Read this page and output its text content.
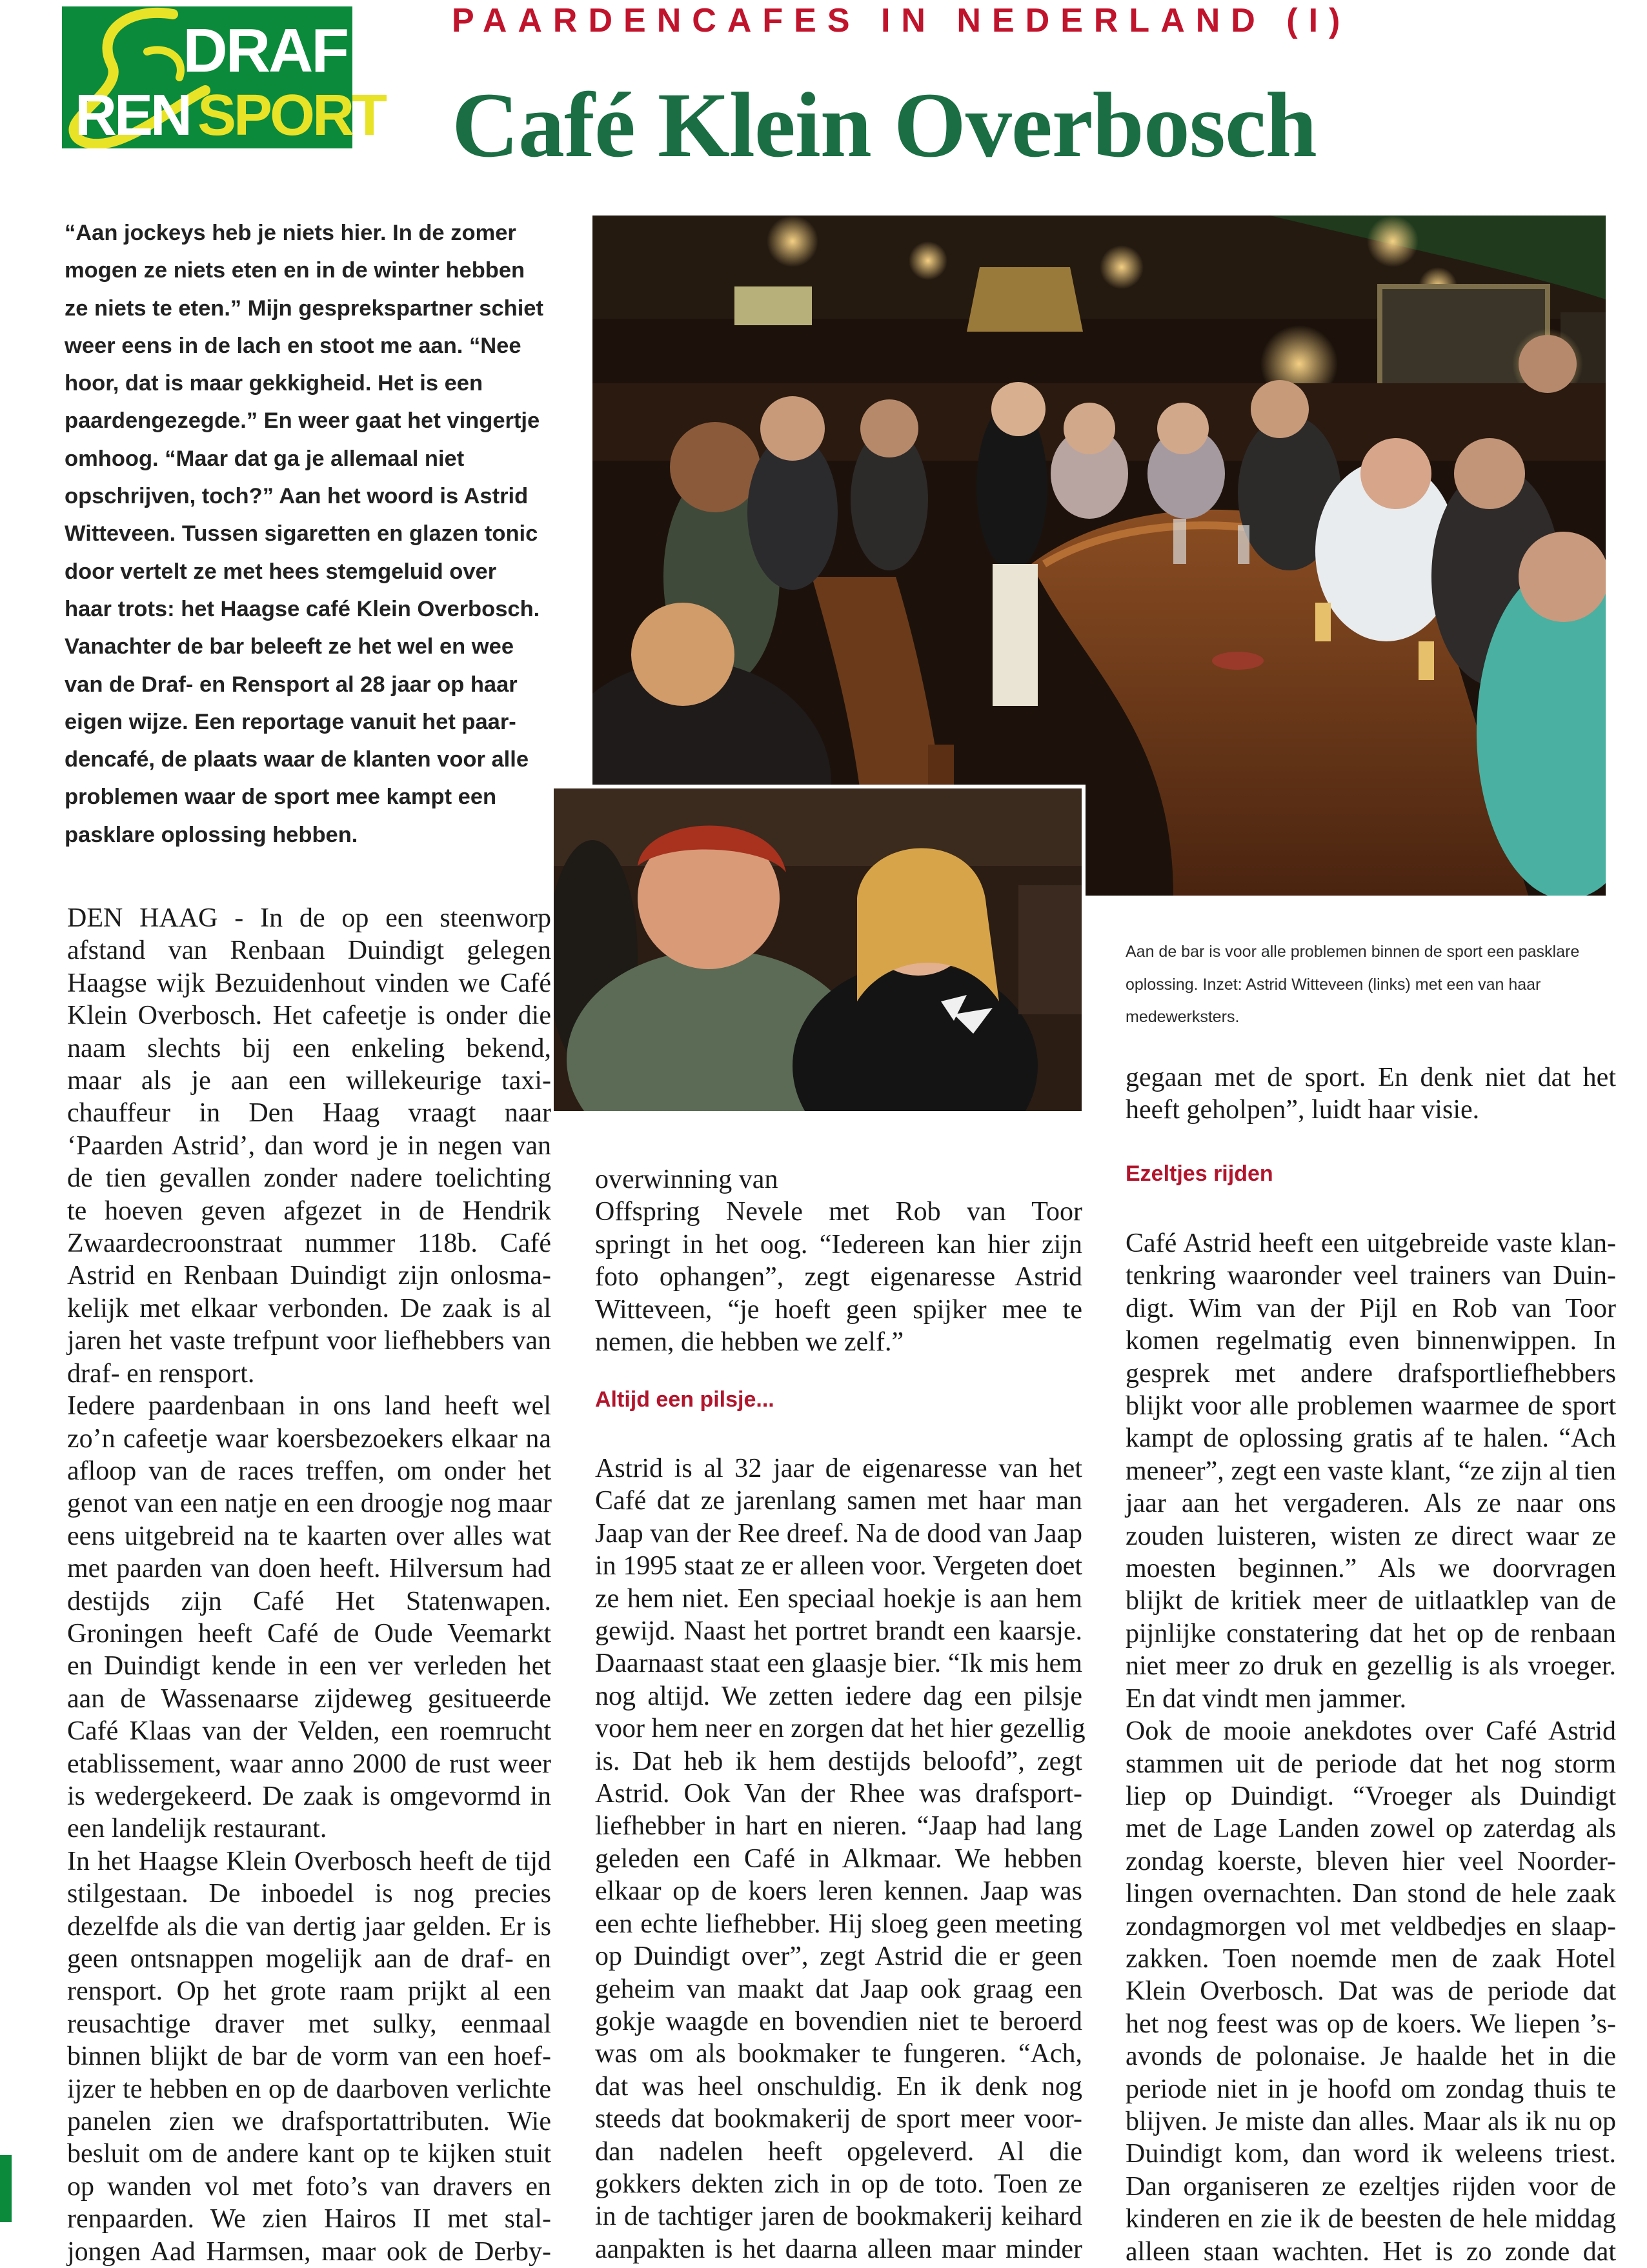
DRAF
REN SPORT
PAARDENCAFES IN NEDERLAND (I)
Café Klein Overbosch
“Aan jockeys heb je niets hier. In de zomer
mogen ze niets eten en in de winter hebben
ze niets te eten.” Mijn gesprekspartner schiet
weer eens in de lach en stoot me aan. “Nee
hoor, dat is maar gekkigheid. Het is een
paardengezegde.” En weer gaat het vingertje
omhoog. “Maar dat ga je allemaal niet
opschrijven, toch?” Aan het woord is Astrid
Witteveen. Tussen sigaretten en glazen tonic
door vertelt ze met hees stemgeluid over
haar trots: het Haagse café Klein Overbosch.
Vanachter de bar beleeft ze het wel en wee
van de Draf- en Rensport al 28 jaar op haar
eigen wijze. Een reportage vanuit het paar-
dencafé, de plaats waar de klanten voor alle
problemen waar de sport mee kampt een
pasklare oplossing hebben.
Aan de bar is voor alle problemen binnen de sport een pasklare
oplossing. Inzet: Astrid Witteveen (links) met een van haar
medewerksters.
DEN HAAG - In de op een steenworp
afstand van Renbaan Duindigt gelegen
Haagse wijk Bezuidenhout vinden we Café
Klein Overbosch. Het cafeetje is onder die
naam slechts bij een enkeling bekend,
maar als je aan een willekeurige taxi-
chauffeur in Den Haag vraagt naar
‘Paarden Astrid’, dan word je in negen van
de tien gevallen zonder nadere toelichting
te hoeven geven afgezet in de Hendrik
Zwaardecroonstraat nummer 118b. Café
Astrid en Renbaan Duindigt zijn onlosma-
kelijk met elkaar verbonden. De zaak is al
jaren het vaste trefpunt voor liefhebbers van
draf- en rensport.
Iedere paardenbaan in ons land heeft wel
zo’n cafeetje waar koersbezoekers elkaar na
afloop van de races treffen, om onder het
genot van een natje en een droogje nog maar
eens uitgebreid na te kaarten over alles wat
met paarden van doen heeft. Hilversum had
destijds zijn Café Het Statenwapen.
Groningen heeft Café de Oude Veemarkt
en Duindigt kende in een ver verleden het
aan de Wassenaarse zijdeweg gesitueerde
Café Klaas van der Velden, een roemrucht
etablissement, waar anno 2000 de rust weer
is wedergekeerd. De zaak is omgevormd in
een landelijk restaurant.
In het Haagse Klein Overbosch heeft de tijd
stilgestaan. De inboedel is nog precies
dezelfde als die van dertig jaar gelden. Er is
geen ontsnappen mogelijk aan de draf- en
rensport. Op het grote raam prijkt al een
reusachtige draver met sulky, eenmaal
binnen blijkt de bar de vorm van een hoef-
ijzer te hebben en op de daarboven verlichte
panelen zien we drafsportattributen. Wie
besluit om de andere kant op te kijken stuit
op wanden vol met foto’s van dravers en
renpaarden. We zien Hairos II met stal-
jongen Aad Harmsen, maar ook de Derby-
overwinning van
Offspring Nevele met Rob van Toor
springt in het oog. “Iedereen kan hier zijn
foto ophangen”, zegt eigenaresse Astrid
Witteveen, “je hoeft geen spijker mee te
nemen, die hebben we zelf.”
Altijd een pilsje...
Astrid is al 32 jaar de eigenaresse van het
Café dat ze jarenlang samen met haar man
Jaap van der Ree dreef. Na de dood van Jaap
in 1995 staat ze er alleen voor. Vergeten doet
ze hem niet. Een speciaal hoekje is aan hem
gewijd. Naast het portret brandt een kaarsje.
Daarnaast staat een glaasje bier. “Ik mis hem
nog altijd. We zetten iedere dag een pilsje
voor hem neer en zorgen dat het hier gezellig
is. Dat heb ik hem destijds beloofd”, zegt
Astrid. Ook Van der Rhee was drafsport-
liefhebber in hart en nieren. “Jaap had lang
geleden een Café in Alkmaar. We hebben
elkaar op de koers leren kennen. Jaap was
een echte liefhebber. Hij sloeg geen meeting
op Duindigt over”, zegt Astrid die er geen
geheim van maakt dat Jaap ook graag een
gokje waagde en bovendien niet te beroerd
was om als bookmaker te fungeren. “Ach,
dat was heel onschuldig. En ik denk nog
steeds dat bookmakerij de sport meer voor-
dan nadelen heeft opgeleverd. Al die
gokkers dekten zich in op de toto. Toen ze
in de tachtiger jaren de bookmakerij keihard
aanpakten is het daarna alleen maar minder
gegaan met de sport. En denk niet dat het
heeft geholpen”, luidt haar visie.
Ezeltjes rijden
Café Astrid heeft een uitgebreide vaste klan-
tenkring waaronder veel trainers van Duin-
digt. Wim van der Pijl en Rob van Toor
komen regelmatig even binnenwippen. In
gesprek met andere drafsportliefhebbers
blijkt voor alle problemen waarmee de sport
kampt de oplossing gratis af te halen. “Ach
meneer”, zegt een vaste klant, “ze zijn al tien
jaar aan het vergaderen. Als ze naar ons
zouden luisteren, wisten ze direct waar ze
moesten beginnen.” Als we doorvragen
blijkt de kritiek meer de uitlaatklep van de
pijnlijke constatering dat het op de renbaan
niet meer zo druk en gezellig is als vroeger.
En dat vindt men jammer.
Ook de mooie anekdotes over Café Astrid
stammen uit de periode dat het nog storm
liep op Duindigt. “Vroeger als Duindigt
met de Lage Landen zowel op zaterdag als
zondag koerste, bleven hier veel Noorder-
lingen overnachten. Dan stond de hele zaak
zondagmorgen vol met veldbedjes en slaap-
zakken. Toen noemde men de zaak Hotel
Klein Overbosch. Dat was de periode dat
het nog feest was op de koers. We liepen ’s-
avonds de polonaise. Je haalde het in die
periode niet in je hoofd om zondag thuis te
blijven. Je miste dan alles. Maar als ik nu op
Duindigt kom, dan word ik weleens triest.
Dan organiseren ze ezeltjes rijden voor de
kinderen en zie ik de beesten de hele middag
alleen staan wachten. Het is zo zonde dat
